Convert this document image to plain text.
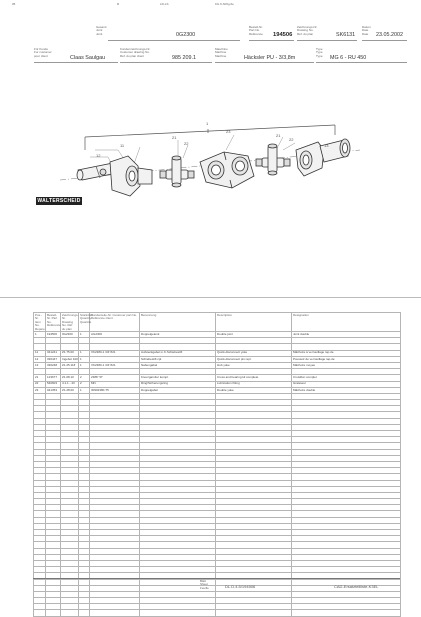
05	R	LR-LS	KG 6-NOlg.6e
Gesamt
Joint
Joint	0G2300
Bestell-Nr.
Part No.
Référence 194506
Zeichnungs-Nr.
Drawing No.
Réf. du plan	SK6131
Datum
Date
Date	23.05.2002
Für Kunde
For customer
pour client	Claas Saulgau
Kundenzeichnungs-Nr.
Customer drawing No.
Réf. du plan client	985 209.1
Maschine
Machine
Machine	Häcksler PU - 3/3,8m
Type
Type
Type MG 6 - RU 450
1
11
12
13
21
22
23
21
22
WALTERSCHEID
Pos.-Nr. Item No. Repère	Bestell-Nr. Part No. Référence	Zeichnungs-Nr. Drawing No. Réf. du plan	Stückzahl Quantity Quantité	Kundenteile-Nr. Customer part No. Référence client	Benennung	Description	Désignation
1	194506	0G2300	1	AG2300	Doppelgelenk	Double joint	Joint double

11	341241	Z1.75.00	1	VK2380-1 3/4"Z21	Aufsteckgabel m.K.Schiebestift	Quick-disconnect yoke	Mâchoire à verrouillage rap.de
12	336447	Ingebot 100	1		Schiebestift cpl.	Quick-disconnect pin repl.	Poussoir de verrouillage rap.de
13	336248	Z1.25.11ff	1	VK2380-1 3/4"Z21	Nabengabel	Hub yoke	Mâchoire moyeu

21	123677	Z1.08.10	2	2388 "R"	Kreuzgarnitur kompl.	Cross and bearing kit complete	Croisillon complet
22	540603	4.1.1 - 43	2	MN	Ring/Sicherungsring	Lubrication fitting	Graisseur
23	041353	Z1.28.00	1	30902380-T5	Doppelgabel	Double yoke	Mâchoire double

Blatt
Sheet
Feuille	DL.D.4.5/194506	CAD-Ersatzteilliste-K3EL
